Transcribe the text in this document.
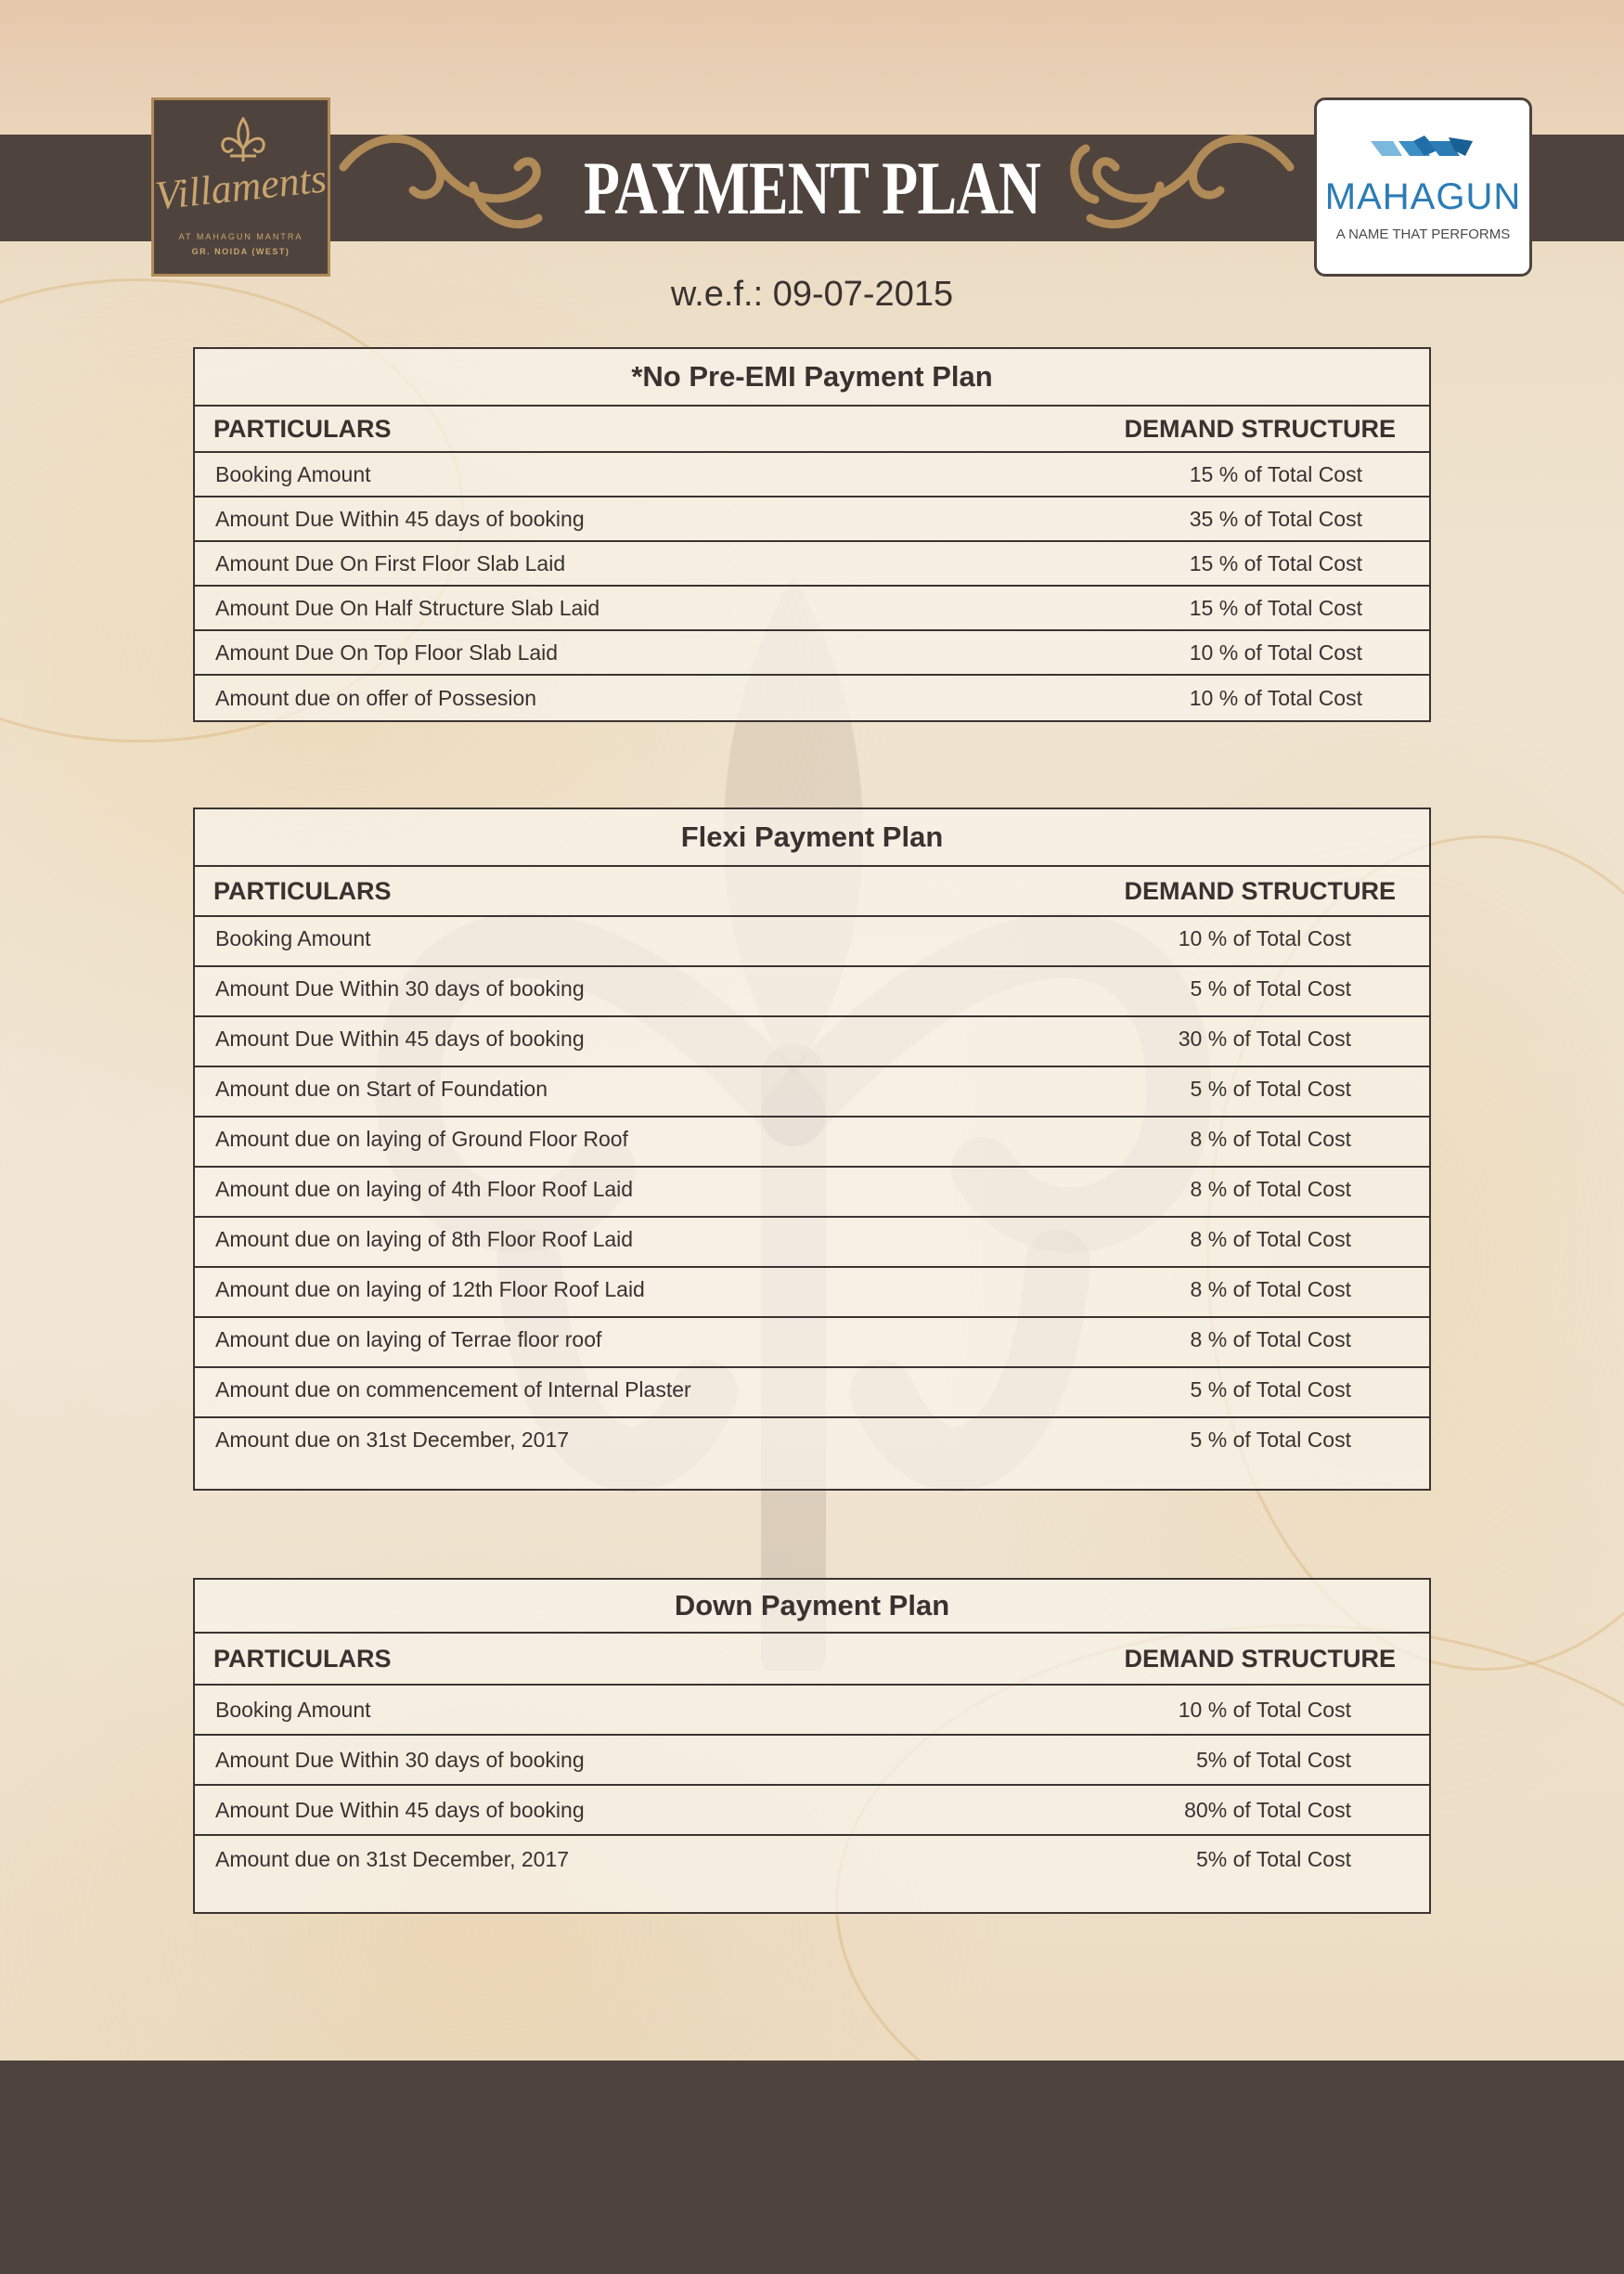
PAYMENT PLAN
Villaments
AT MAHAGUN MANTRA
GR. NOIDA (WEST)
MAHAGUN
A NAME THAT PERFORMS
w.e.f.: 09-07-2015
*No Pre-EMI Payment Plan
PARTICULARS	DEMAND STRUCTURE
Booking Amount	15 % of Total Cost
Amount Due Within 45 days of booking	35 % of Total Cost
Amount Due On First Floor Slab Laid	15 % of Total Cost
Amount Due On Half Structure Slab Laid	15 % of Total Cost
Amount Due On Top Floor Slab Laid	10 % of Total Cost
Amount due on offer of Possesion	10 % of Total Cost
Flexi Payment Plan
PARTICULARS	DEMAND STRUCTURE
Booking Amount	10 % of Total Cost
Amount Due Within 30 days of booking	5 % of Total Cost
Amount Due Within 45 days of booking	30 % of Total Cost
Amount due on Start of Foundation	5 % of Total Cost
Amount due on laying of Ground Floor Roof	8 % of Total Cost
Amount due on laying of 4th Floor Roof Laid	8 % of Total Cost
Amount due on laying of 8th Floor Roof Laid	8 % of Total Cost
Amount due on laying of 12th Floor Roof Laid	8 % of Total Cost
Amount due on laying of Terrae floor roof	8 % of Total Cost
Amount due on commencement of Internal Plaster	5 % of Total Cost
Amount due on 31st December, 2017	5 % of Total Cost
Down Payment Plan
PARTICULARS	DEMAND STRUCTURE
Booking Amount	10 % of Total Cost
Amount Due Within 30 days of booking	5% of Total Cost
Amount Due Within 45 days of booking	80% of Total Cost
Amount due on 31st December, 2017	5% of Total Cost
